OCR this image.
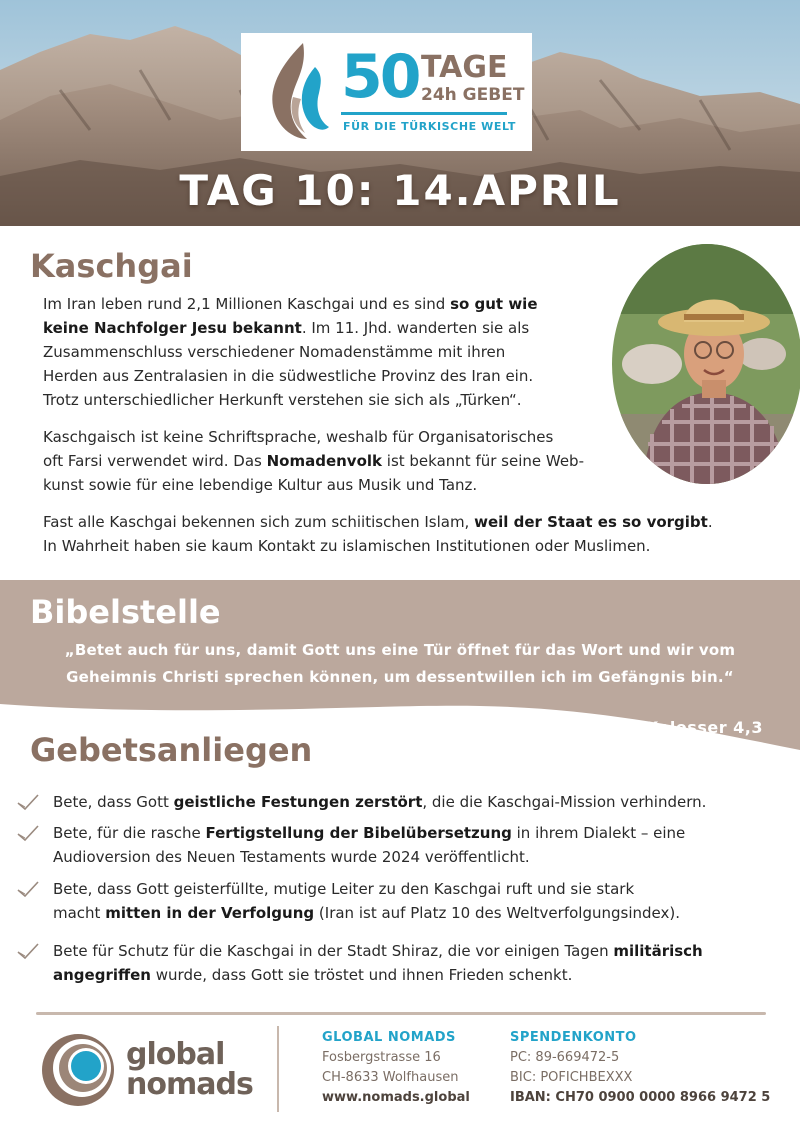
50 TAGE
24h GEBET
FÜR DIE TÜRKISCHE WELT
TAG 10: 14.APRIL
Kaschgai
Im Iran leben rund 2,1 Millionen Kaschgai und es sind so gut wie
keine Nachfolger Jesu bekannt. Im 11. Jhd. wanderten sie als
Zusammenschluss verschiedener Nomadenstämme mit ihren
Herden aus Zentralasien in die südwestliche Provinz des Iran ein.
Trotz unterschiedlicher Herkunft verstehen sie sich als „Türken“.
Kaschgaisch ist keine Schriftsprache, weshalb für Organisatorisches
oft Farsi verwendet wird. Das Nomadenvolk ist bekannt für seine Web-
kunst sowie für eine lebendige Kultur aus Musik und Tanz.
Fast alle Kaschgai bekennen sich zum schiitischen Islam, weil der Staat es so vorgibt.
In Wahrheit haben sie kaum Kontakt zu islamischen Institutionen oder Muslimen.
Bibelstelle
„Betet auch für uns, damit Gott uns eine Tür öffnet für das Wort und wir vom
Geheimnis Christi sprechen können, um dessentwillen ich im Gefängnis bin.“
Kolosser 4,3
Gebetsanliegen
Bete, dass Gott geistliche Festungen zerstört, die die Kaschgai-Mission verhindern.
Bete, für die rasche Fertigstellung der Bibelübersetzung in ihrem Dialekt – eine
Audioversion des Neuen Testaments wurde 2024 veröffentlicht.
Bete, dass Gott geisterfüllte, mutige Leiter zu den Kaschgai ruft und sie stark
macht mitten in der Verfolgung (Iran ist auf Platz 10 des Weltverfolgungsindex).
Bete für Schutz für die Kaschgai in der Stadt Shiraz, die vor einigen Tagen militärisch
angegriffen wurde, dass Gott sie tröstet und ihnen Frieden schenkt.
global
nomads
GLOBAL NOMADS
Fosbergstrasse 16
CH-8633 Wolfhausen
www.nomads.global
SPENDENKONTO
PC: 89-669472-5
BIC: POFICHBEXXX
IBAN: CH70 0900 0000 8966 9472 5
